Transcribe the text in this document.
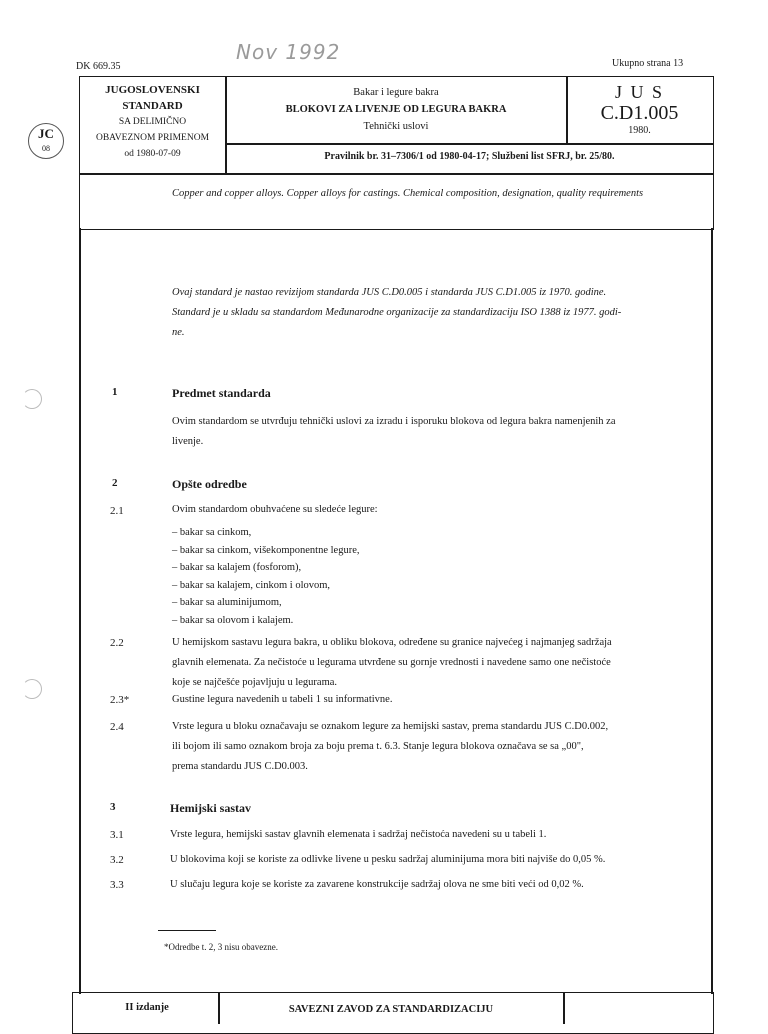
DK 669.35
Nov 1992	Ukupno strana 13
ЈС
08
JUGOSLOVENSKI
STANDARD
SA DELIMIČNO
OBAVEZNOM PRIMENOM
od 1980-07-09
Bakar i legure bakra
BLOKOVI ZA LIVENJE OD LEGURA BAKRA
Tehnički uslovi
J U S
C.D1.005
1980.
Pravilnik br. 31–7306/1 od 1980-04-17; Službeni list SFRJ, br. 25/80.
Copper and copper alloys. Copper alloys for castings. Chemical composition, designation, quality requirements
Ovaj standard je nastao revizijom standarda JUS C.D0.005 i standarda JUS C.D1.005 iz 1970. godine.
Standard je u skladu sa standardom Međunarodne organizacije za standardizaciju ISO 1388 iz 1977. godi-
ne.
1	Predmet standarda
Ovim standardom se utvrđuju tehnički uslovi za izradu i isporuku blokova od legura bakra namenjenih za
livenje.
2	Opšte odredbe
2.1	Ovim standardom obuhvaćene su sledeće legure:
– bakar sa cinkom,
– bakar sa cinkom, višekomponentne legure,
– bakar sa kalajem (fosforom),
– bakar sa kalajem, cinkom i olovom,
– bakar sa aluminijumom,
– bakar sa olovom i kalajem.
2.2	U hemijskom sastavu legura bakra, u obliku blokova, određene su granice najvećeg i najmanjeg sadržaja
glavnih elemenata. Za nečistoće u legurama utvrđene su gornje vrednosti i navedene samo one nečistoće
koje se najčešće pojavljuju u legurama.
2.3*	Gustine legura navedenih u tabeli 1 su informativne.
2.4	Vrste legura u bloku označavaju se oznakom legure za hemijski sastav, prema standardu JUS C.D0.002,
ili bojom ili samo oznakom broja za boju prema t. 6.3. Stanje legura blokova označava se sa „00",
prema standardu JUS C.D0.003.
3	Hemijski sastav
3.1	Vrste legura, hemijski sastav glavnih elemenata i sadržaj nečistoća navedeni su u tabeli 1.
3.2	U blokovima koji se koriste za odlivke livene u pesku sadržaj aluminijuma mora biti najviše do 0,05 %.
3.3	U slučaju legura koje se koriste za zavarene konstrukcije sadržaj olova ne sme biti veći od 0,02 %.
*Odredbe t. 2, 3 nisu obavezne.
II izdanje	SAVEZNI ZAVOD ZA STANDARDIZACIJU
